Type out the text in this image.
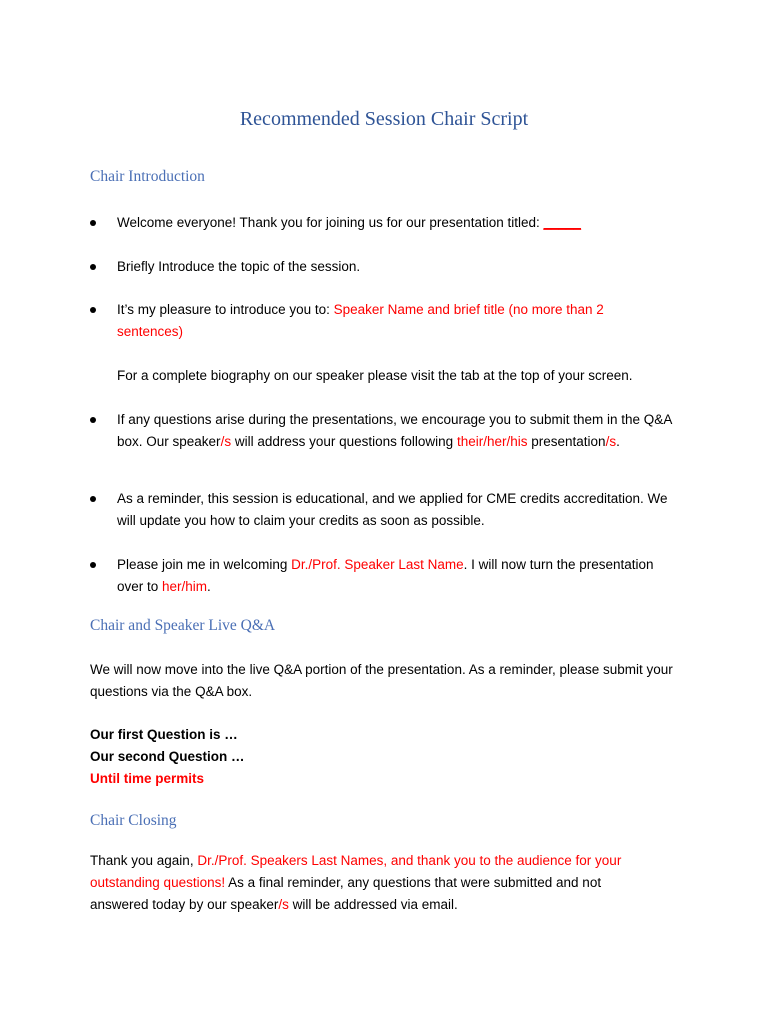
Recommended Session Chair Script
Chair Introduction
Welcome everyone! Thank you for joining us for our presentation titled: _____
Briefly Introduce the topic of the session.
It’s my pleasure to introduce you to: Speaker Name and brief title (no more than 2 sentences)
For a complete biography on our speaker please visit the tab at the top of your screen.
If any questions arise during the presentations, we encourage you to submit them in the Q&A box. Our speaker/s will address your questions following their/her/his presentation/s.
As a reminder, this session is educational, and we applied for CME credits accreditation. We will update you how to claim your credits as soon as possible.
Please join me in welcoming Dr./Prof. Speaker Last Name. I will now turn the presentation over to her/him.
Chair and Speaker Live Q&A
We will now move into the live Q&A portion of the presentation. As a reminder, please submit your questions via the Q&A box.
Our first Question is …
Our second Question …
Until time permits
Chair Closing
Thank you again, Dr./Prof. Speakers Last Names, and thank you to the audience for your outstanding questions! As a final reminder, any questions that were submitted and not answered today by our speaker/s will be addressed via email.
